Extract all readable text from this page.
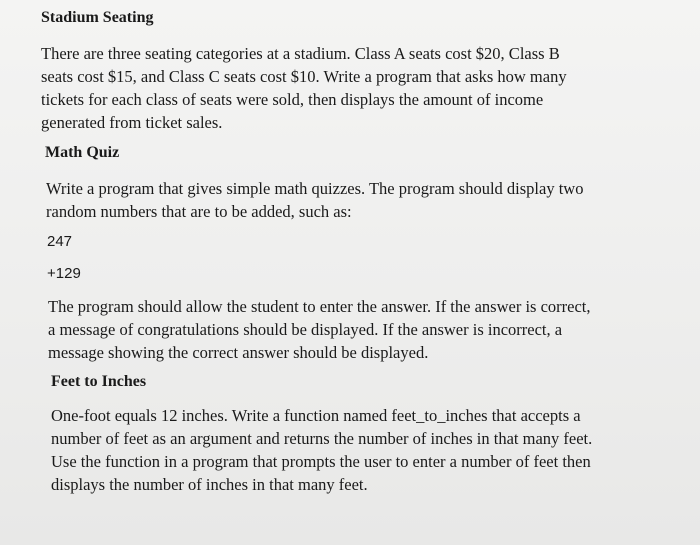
Stadium Seating
There are three seating categories at a stadium. Class A seats cost $20, Class B
seats cost $15, and Class C seats cost $10. Write a program that asks how many
tickets for each class of seats were sold, then displays the amount of income
generated from ticket sales.
Math Quiz
Write a program that gives simple math quizzes. The program should display two
random numbers that are to be added, such as:
247
+129
The program should allow the student to enter the answer. If the answer is correct,
a message of congratulations should be displayed. If the answer is incorrect, a
message showing the correct answer should be displayed.
Feet to Inches
One-foot equals 12 inches. Write a function named feet_to_inches that accepts a
number of feet as an argument and returns the number of inches in that many feet.
Use the function in a program that prompts the user to enter a number of feet then
displays the number of inches in that many feet.
